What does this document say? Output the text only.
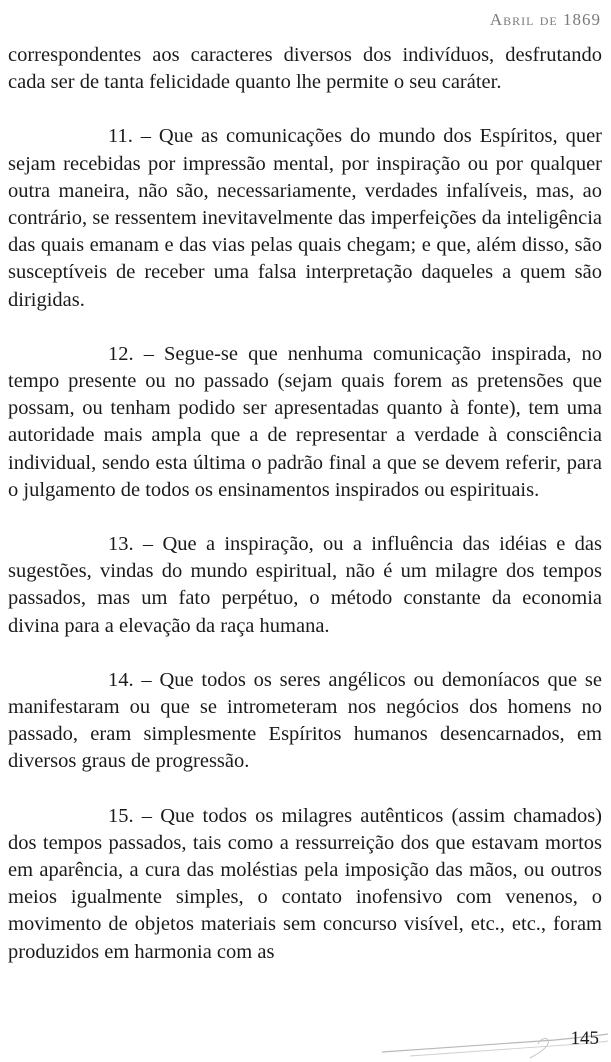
Abril de 1869

correspondentes aos caracteres diversos dos indivíduos, desfrutando cada ser de tanta felicidade quanto lhe permite o seu caráter.

11. – Que as comunicações do mundo dos Espíritos, quer sejam recebidas por impressão mental, por inspiração ou por qualquer outra maneira, não são, necessariamente, verdades infalíveis, mas, ao contrário, se ressentem inevitavelmente das imperfeições da inteligência das quais emanam e das vias pelas quais chegam; e que, além disso, são susceptíveis de receber uma falsa interpretação daqueles a quem são dirigidas.

12. – Segue-se que nenhuma comunicação inspirada, no tempo presente ou no passado (sejam quais forem as pretensões que possam, ou tenham podido ser apresentadas quanto à fonte), tem uma autoridade mais ampla que a de representar a verdade à consciência individual, sendo esta última o padrão final a que se devem referir, para o julgamento de todos os ensinamentos inspirados ou espirituais.

13. – Que a inspiração, ou a influência das idéias e das sugestões, vindas do mundo espiritual, não é um milagre dos tempos passados, mas um fato perpétuo, o método constante da economia divina para a elevação da raça humana.

14. – Que todos os seres angélicos ou demoníacos que se manifestaram ou que se intrometeram nos negócios dos homens no passado, eram simplesmente Espíritos humanos desencarnados, em diversos graus de progressão.

15. – Que todos os milagres autênticos (assim chamados) dos tempos passados, tais como a ressurreição dos que estavam mortos em aparência, a cura das moléstias pela imposição das mãos, ou outros meios igualmente simples, o contato inofensivo com venenos, o movimento de objetos materiais sem concurso visível, etc., etc., foram produzidos em harmonia com as

145
